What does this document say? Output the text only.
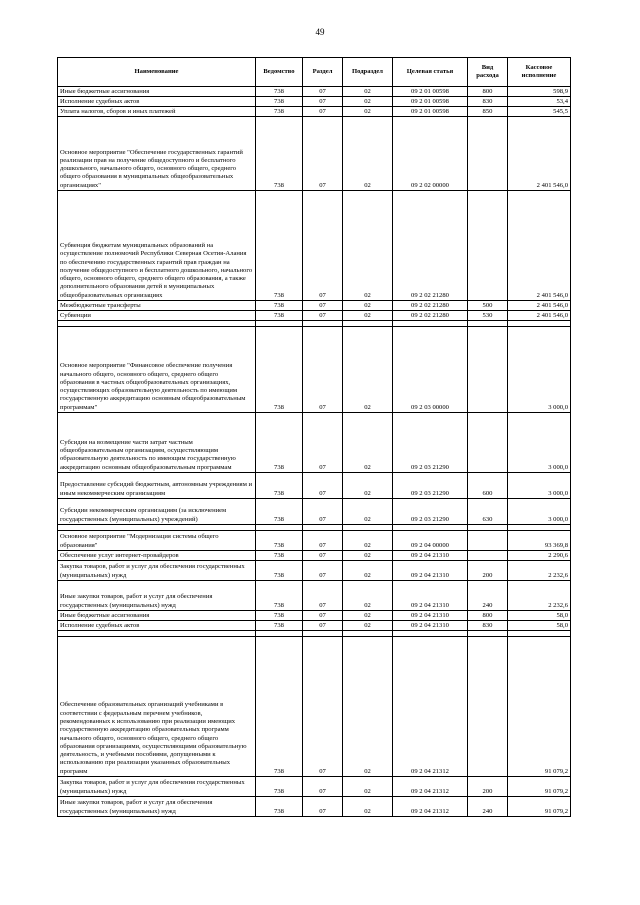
49
Наименование	Ведомство	Раздел	Подраздел	Целевая статья	Вид расхода	Кассовое исполнение
Иные бюджетные ассигнования	738	07	02	09 2 01 00598	800	598,9
Исполнение судебных актов	738	07	02	09 2 01 00598	830	53,4
Уплата налогов, сборов и иных платежей	738	07	02	09 2 01 00598	850	545,5
Основное мероприятие "Обеспечение государственных гарантий реализации прав на получение общедоступного и бесплатного дошкольного, начального общего, основного общего, среднего общего образования в муниципальных общеобразовательных организациях"	738	07	02	09 2 02 00000		2 401 546,0
Субвенция бюджетам муниципальных образований на осуществление полномочий Республики Северная Осетия-Алания по обеспечению государственных гарантий прав граждан на получение общедоступного и бесплатного дошкольного, начального общего, основного общего, среднего общего образования, а также дополнительного образования детей в муниципальных общеобразовательных организациях	738	07	02	09 2 02 21280		2 401 546,0
Межбюджетные трансферты	738	07	02	09 2 02 21280	500	2 401 546,0
Субвенции	738	07	02	09 2 02 21280	530	2 401 546,0

Основное мероприятие "Финансовое обеспечение получения начального общего, основного общего, среднего общего образования в частных общеобразовательных организациях, осуществляющих образовательную деятельность по имеющим государственную аккредитацию основным общеобразовательным программам"	738	07	02	09 2 03 00000		3 000,0
Субсидия на возмещение части затрат частным общеобразовательным организациям, осуществляющим образовательную деятельность по имеющим государственную аккредитацию основным общеобразовательным программам	738	07	02	09 2 03 21290		3 000,0
Предоставление субсидий бюджетным, автономным учреждениям и иным некоммерческим организациям	738	07	02	09 2 03 21290	600	3 000,0
Субсидии некоммерческим организациям (за исключением государственных (муниципальных) учреждений)	738	07	02	09 2 03 21290	630	3 000,0

Основное мероприятие "Модернизация системы общего образования"	738	07	02	09 2 04 00000		93 369,8
Обеспечение услуг интернет-провайдеров	738	07	02	09 2 04 21310		2 290,6
Закупка товаров, работ и услуг для обеспечения государственных (муниципальных) нужд	738	07	02	09 2 04 21310	200	2 232,6
Иные закупки товаров, работ и услуг для обеспечения государственных (муниципальных) нужд	738	07	02	09 2 04 21310	240	2 232,6
Иные бюджетные ассигнования	738	07	02	09 2 04 21310	800	58,0
Исполнение судебных актов	738	07	02	09 2 04 21310	830	58,0

Обеспечение образовательных организаций учебниками в соответствии с федеральным перечнем учебников, рекомендованных к использованию при реализации имеющих государственную аккредитацию образовательных программ начального общего, основного общего, среднего общего образования организациями, осуществляющими образовательную деятельность, и учебными пособиями, допущенными к использованию при реализации указанных образовательных программ	738	07	02	09 2 04 21312		91 079,2
Закупка товаров, работ и услуг для обеспечения государственных (муниципальных) нужд	738	07	02	09 2 04 21312	200	91 079,2
Иные закупки товаров, работ и услуг для обеспечения государственных (муниципальных) нужд	738	07	02	09 2 04 21312	240	91 079,2
